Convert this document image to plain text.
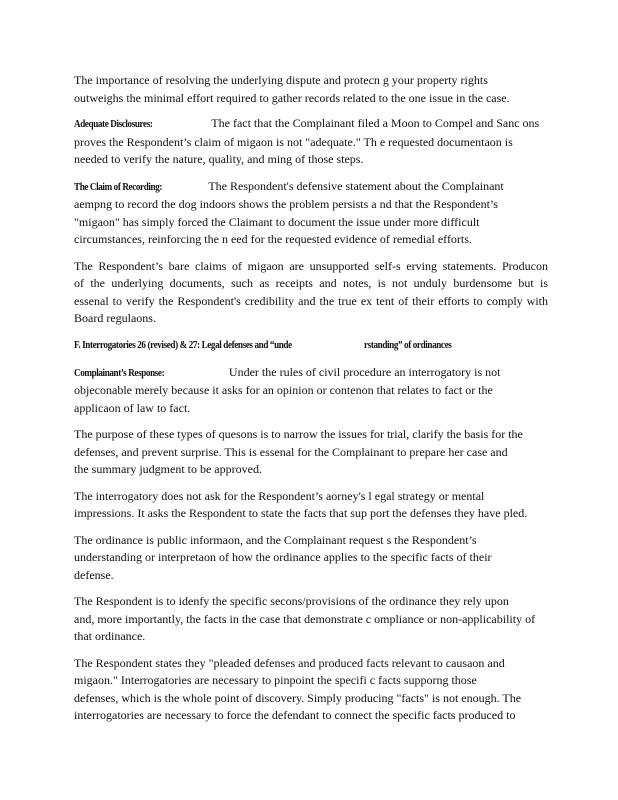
The importance of resolving the underlying dispute and protecn g your property rights
outweighs the minimal effort required to gather records related to the one issue in the case.

Adequate Disclosures:	The fact that the Complainant filed a Moon to Compel and Sanc ons
proves the Respondent’s claim of migaon is not "adequate." Th e requested documentaon is
needed to verify the nature, quality, and ming of those steps.

The Claim of Recording:	The Respondent's defensive statement about the Complainant
aempng to record the dog indoors shows the problem persists a nd that the Respondent’s
"migaon" has simply forced the Claimant to document the issue under more difficult
circumstances, reinforcing the n eed for the requested evidence of remedial efforts.

The Respondent’s bare claims of migaon are unsupported self-s erving statements. Producon
of the underlying documents, such as receipts and notes, is not unduly burdensome but is
essenal to verify the Respondent's credibility and the true ex tent of their efforts to comply with
Board regulaons.

F. Interrogatories 26 (revised) & 27: Legal defenses and “unde	rstanding” of ordinances

Complainant’s Response:	Under the rules of civil procedure an interrogatory is not
objeconable merely because it asks for an opinion or contenon that relates to fact or the
applicaon of law to fact.

The purpose of these types of quesons is to narrow the issues for trial, clarify the basis for the
defenses, and prevent surprise. This is essenal for the Complainant to prepare her case and
the summary judgment to be approved.

The interrogatory does not ask for the Respondent’s aorney's l egal strategy or mental
impressions. It asks the Respondent to state the facts that sup port the defenses they have pled.

The ordinance is public informaon, and the Complainant request s the Respondent’s
understanding or interpretaon of how the ordinance applies to the specific facts of their
defense.

The Respondent is to idenfy the specific secons/provisions of the ordinance they rely upon
and, more importantly, the facts in the case that demonstrate c ompliance or non-applicability of
that ordinance.

The Respondent states they "pleaded defenses and produced facts relevant to causaon and
migaon." Interrogatories are necessary to pinpoint the specifi c facts supporng those
defenses, which is the whole point of discovery. Simply producing "facts" is not enough. The
interrogatories are necessary to force the defendant to connect the specific facts produced to
